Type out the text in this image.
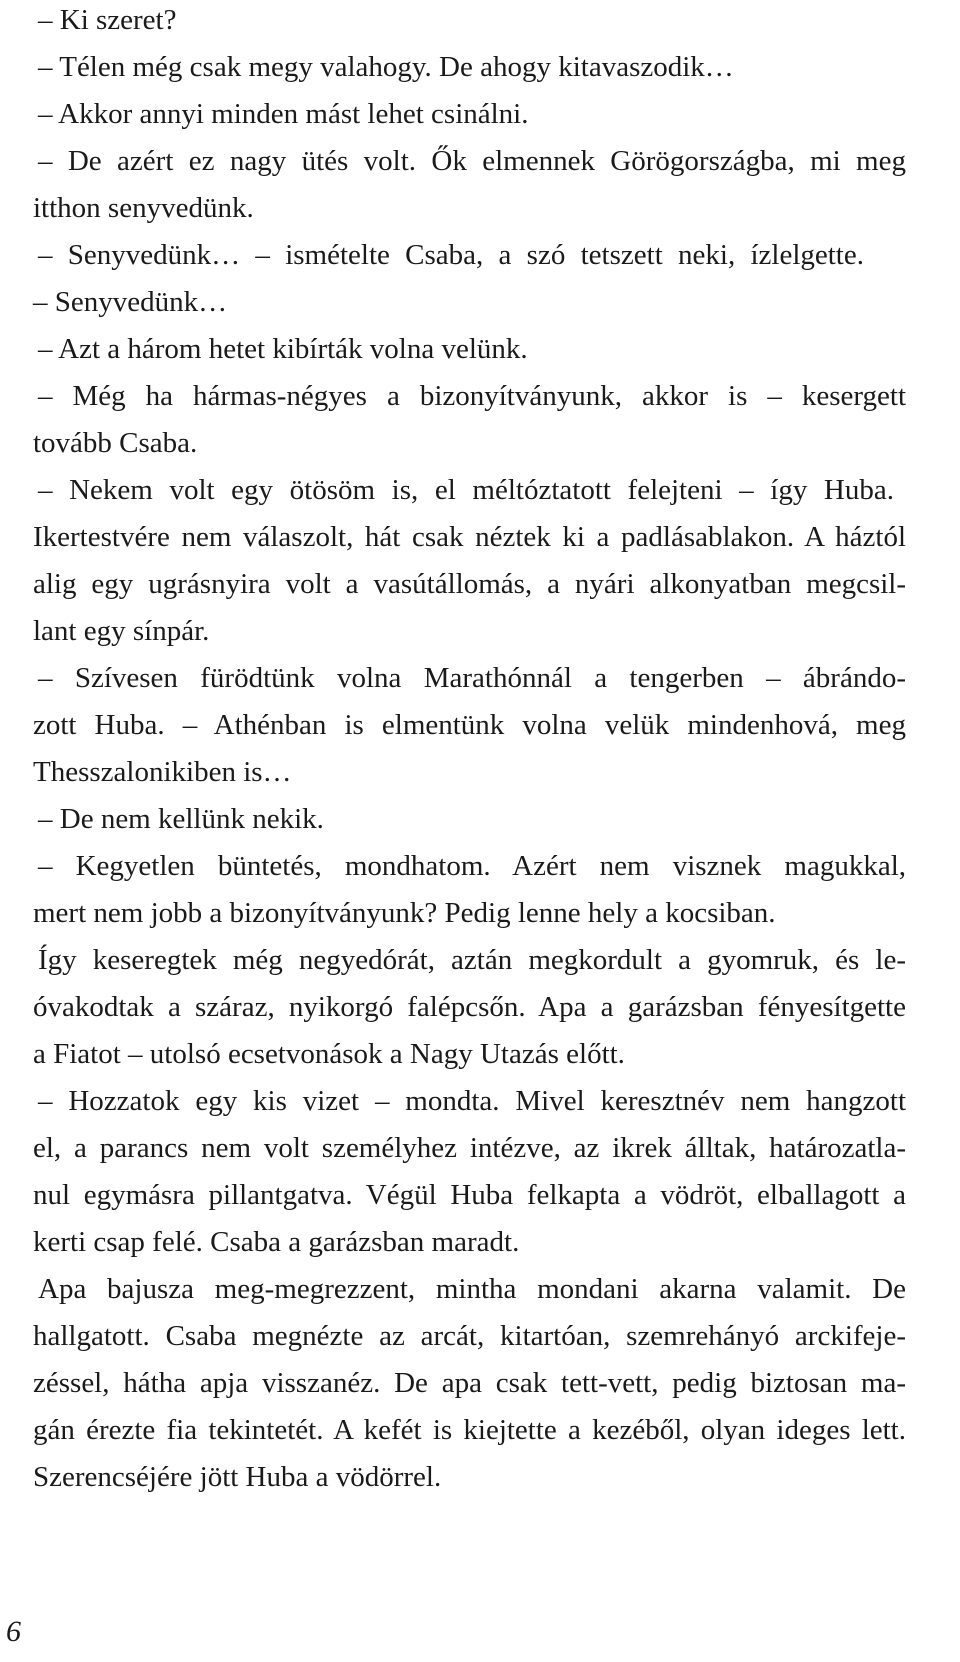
– Ki szeret?
– Télen még csak megy valahogy. De ahogy kitavaszodik…
– Akkor annyi minden mást lehet csinálni.
– De azért ez nagy ütés volt. Ők elmennek Görögországba, mi meg
itthon senyvedünk.
– Senyvedünk… – ismételte Csaba, a szó tetszett neki, ízlelgette.
– Senyvedünk…
– Azt a három hetet kibírták volna velünk.
– Még ha hármas-négyes a bizonyítványunk, akkor is – kesergett
tovább Csaba.
– Nekem volt egy ötösöm is, el méltóztatott felejteni – így Huba.
Ikertestvére nem válaszolt, hát csak néztek ki a padlásablakon. A háztól
alig egy ugrásnyira volt a vasútállomás, a nyári alkonyatban megcsil-
lant egy sínpár.
– Szívesen fürödtünk volna Marathónnál a tengerben – ábrándo-
zott Huba. – Athénban is elmentünk volna velük mindenhová, meg
Thesszalonikiben is…
– De nem kellünk nekik.
– Kegyetlen büntetés, mondhatom. Azért nem visznek magukkal,
mert nem jobb a bizonyítványunk? Pedig lenne hely a kocsiban.
Így keseregtek még negyedórát, aztán megkordult a gyomruk, és le-
óvakodtak a száraz, nyikorgó falépcsőn. Apa a garázsban fényesítgette
a Fiatot – utolsó ecsetvonások a Nagy Utazás előtt.
– Hozzatok egy kis vizet – mondta. Mivel keresztnév nem hangzott
el, a parancs nem volt személyhez intézve, az ikrek álltak, határozatla-
nul egymásra pillantgatva. Végül Huba felkapta a vödröt, elballagott a
kerti csap felé. Csaba a garázsban maradt.
Apa bajusza meg-megrezzent, mintha mondani akarna valamit. De
hallgatott. Csaba megnézte az arcát, kitartóan, szemrehányó arckifeje-
zéssel, hátha apja visszanéz. De apa csak tett-vett, pedig biztosan ma-
gán érezte fia tekintetét. A kefét is kiejtette a kezéből, olyan ideges lett.
Szerencséjére jött Huba a vödörrel.
6
